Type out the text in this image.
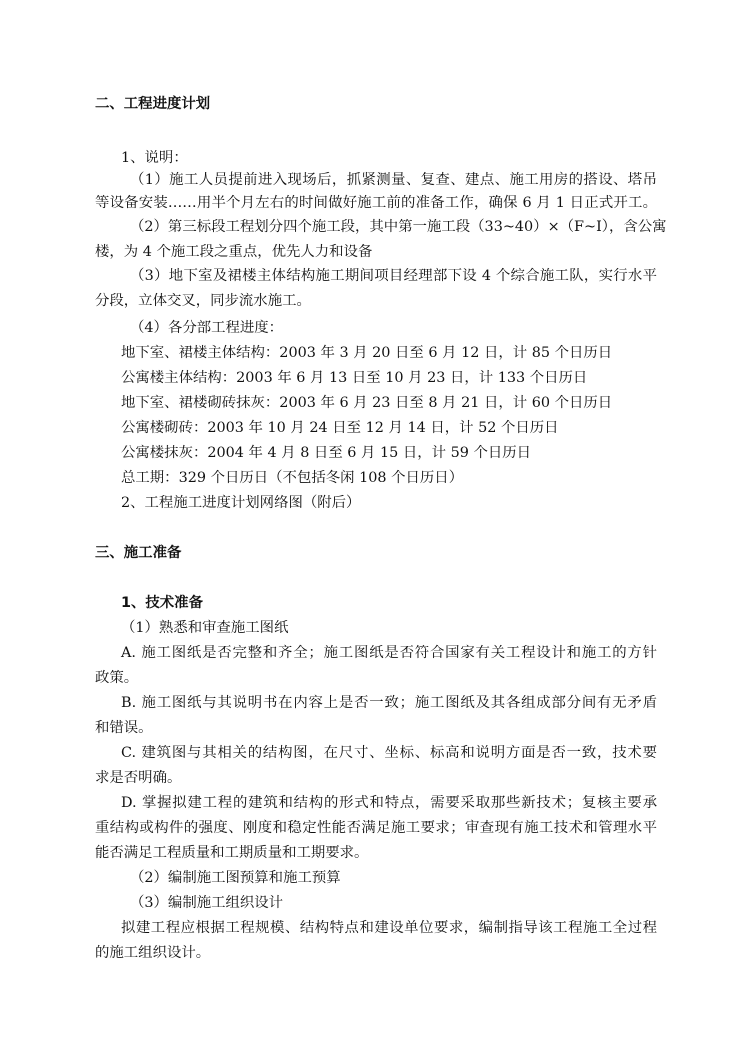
二、工程进度计划
1、说明：
（1）施工人员提前进入现场后，抓紧测量、复查、建点、施工用房的搭设、塔吊
等设备安装……用半个月左右的时间做好施工前的准备工作，确保 6 月 1 日正式开工。
（2）第三标段工程划分四个施工段，其中第一施工段（33~40）×（F~I），含公寓
楼，为 4 个施工段之重点，优先人力和设备
（3）地下室及裙楼主体结构施工期间项目经理部下设 4 个综合施工队，实行水平
分段，立体交叉，同步流水施工。
（4）各分部工程进度：
地下室、裙楼主体结构：2003 年 3 月 20 日至 6 月 12 日，计 85 个日历日
公寓楼主体结构：2003 年 6 月 13 日至 10 月 23 日，计 133 个日历日
地下室、裙楼砌砖抹灰：2003 年 6 月 23 日至 8 月 21 日，计 60 个日历日
公寓楼砌砖：2003 年 10 月 24 日至 12 月 14 日，计 52 个日历日
公寓楼抹灰：2004 年 4 月 8 日至 6 月 15 日，计 59 个日历日
总工期：329 个日历日（不包括冬闲 108 个日历日）
2、工程施工进度计划网络图（附后）
三、施工准备
1、技术准备
（1）熟悉和审查施工图纸
A. 施工图纸是否完整和齐全；施工图纸是否符合国家有关工程设计和施工的方针
政策。
B. 施工图纸与其说明书在内容上是否一致；施工图纸及其各组成部分间有无矛盾
和错误。
C. 建筑图与其相关的结构图，在尺寸、坐标、标高和说明方面是否一致，技术要
求是否明确。
D. 掌握拟建工程的建筑和结构的形式和特点，需要采取那些新技术；复核主要承
重结构或构件的强度、刚度和稳定性能否满足施工要求；审查现有施工技术和管理水平
能否满足工程质量和工期质量和工期要求。
（2）编制施工图预算和施工预算
（3）编制施工组织设计
拟建工程应根据工程规模、结构特点和建设单位要求，编制指导该工程施工全过程
的施工组织设计。
